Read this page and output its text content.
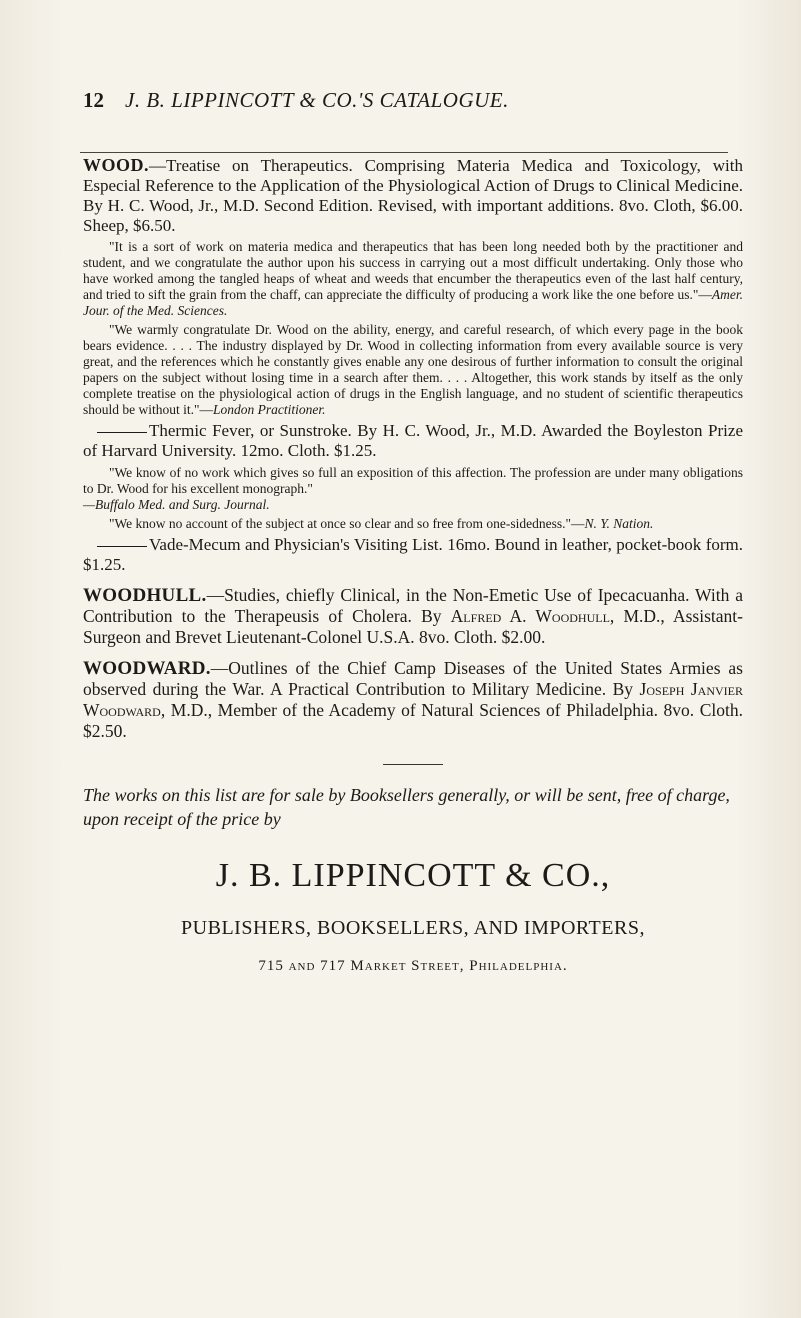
12 J. B. LIPPINCOTT & CO.'S CATALOGUE.

WOOD.—Treatise on Therapeutics. Comprising Materia Medica and Toxicology, with Especial Reference to the Application of the Physiological Action of Drugs to Clinical Medicine. By H. C. Wood, Jr., M.D. Second Edition. Revised, with important additions. 8vo. Cloth, $6.00. Sheep, $6.50.

"It is a sort of work on materia medica and therapeutics that has been long needed both by the practitioner and student, and we congratulate the author upon his success in carrying out a most difficult undertaking. Only those who have worked among the tangled heaps of wheat and weeds that encumber the therapeutics even of the last half century, and tried to sift the grain from the chaff, can appreciate the difficulty of producing a work like the one before us."—Amer. Jour. of the Med. Sciences.

"We warmly congratulate Dr. Wood on the ability, energy, and careful research, of which every page in the book bears evidence. . . . The industry displayed by Dr. Wood in collecting information from every available source is very great, and the references which he constantly gives enable any one desirous of further information to consult the original papers on the subject without losing time in a search after them. . . . Altogether, this work stands by itself as the only complete treatise on the physiological action of drugs in the English language, and no student of scientific therapeutics should be without it."—London Practitioner.

Thermic Fever, or Sunstroke. By H. C. Wood, Jr., M.D. Awarded the Boyleston Prize of Harvard University. 12mo. Cloth. $1.25.

"We know of no work which gives so full an exposition of this affection. The profession are under many obligations to Dr. Wood for his excellent monograph."
—Buffalo Med. and Surg. Journal.

"We know no account of the subject at once so clear and so free from one-sidedness."—N. Y. Nation.

Vade-Mecum and Physician's Visiting List. 16mo. Bound in leather, pocket-book form. $1.25.

WOODHULL.—Studies, chiefly Clinical, in the Non-Emetic Use of Ipecacuanha. With a Contribution to the Therapeusis of Cholera. By Alfred A. Woodhull, M.D., Assistant-Surgeon and Brevet Lieutenant-Colonel U.S.A. 8vo. Cloth. $2.00.

WOODWARD.—Outlines of the Chief Camp Diseases of the United States Armies as observed during the War. A Practical Contribution to Military Medicine. By Joseph Janvier Woodward, M.D., Member of the Academy of Natural Sciences of Philadelphia. 8vo. Cloth. $2.50.

The works on this list are for sale by Booksellers generally, or will be sent, free of charge, upon receipt of the price by

J. B. LIPPINCOTT & CO.,

PUBLISHERS, BOOKSELLERS, AND IMPORTERS,

715 and 717 Market Street, Philadelphia.
